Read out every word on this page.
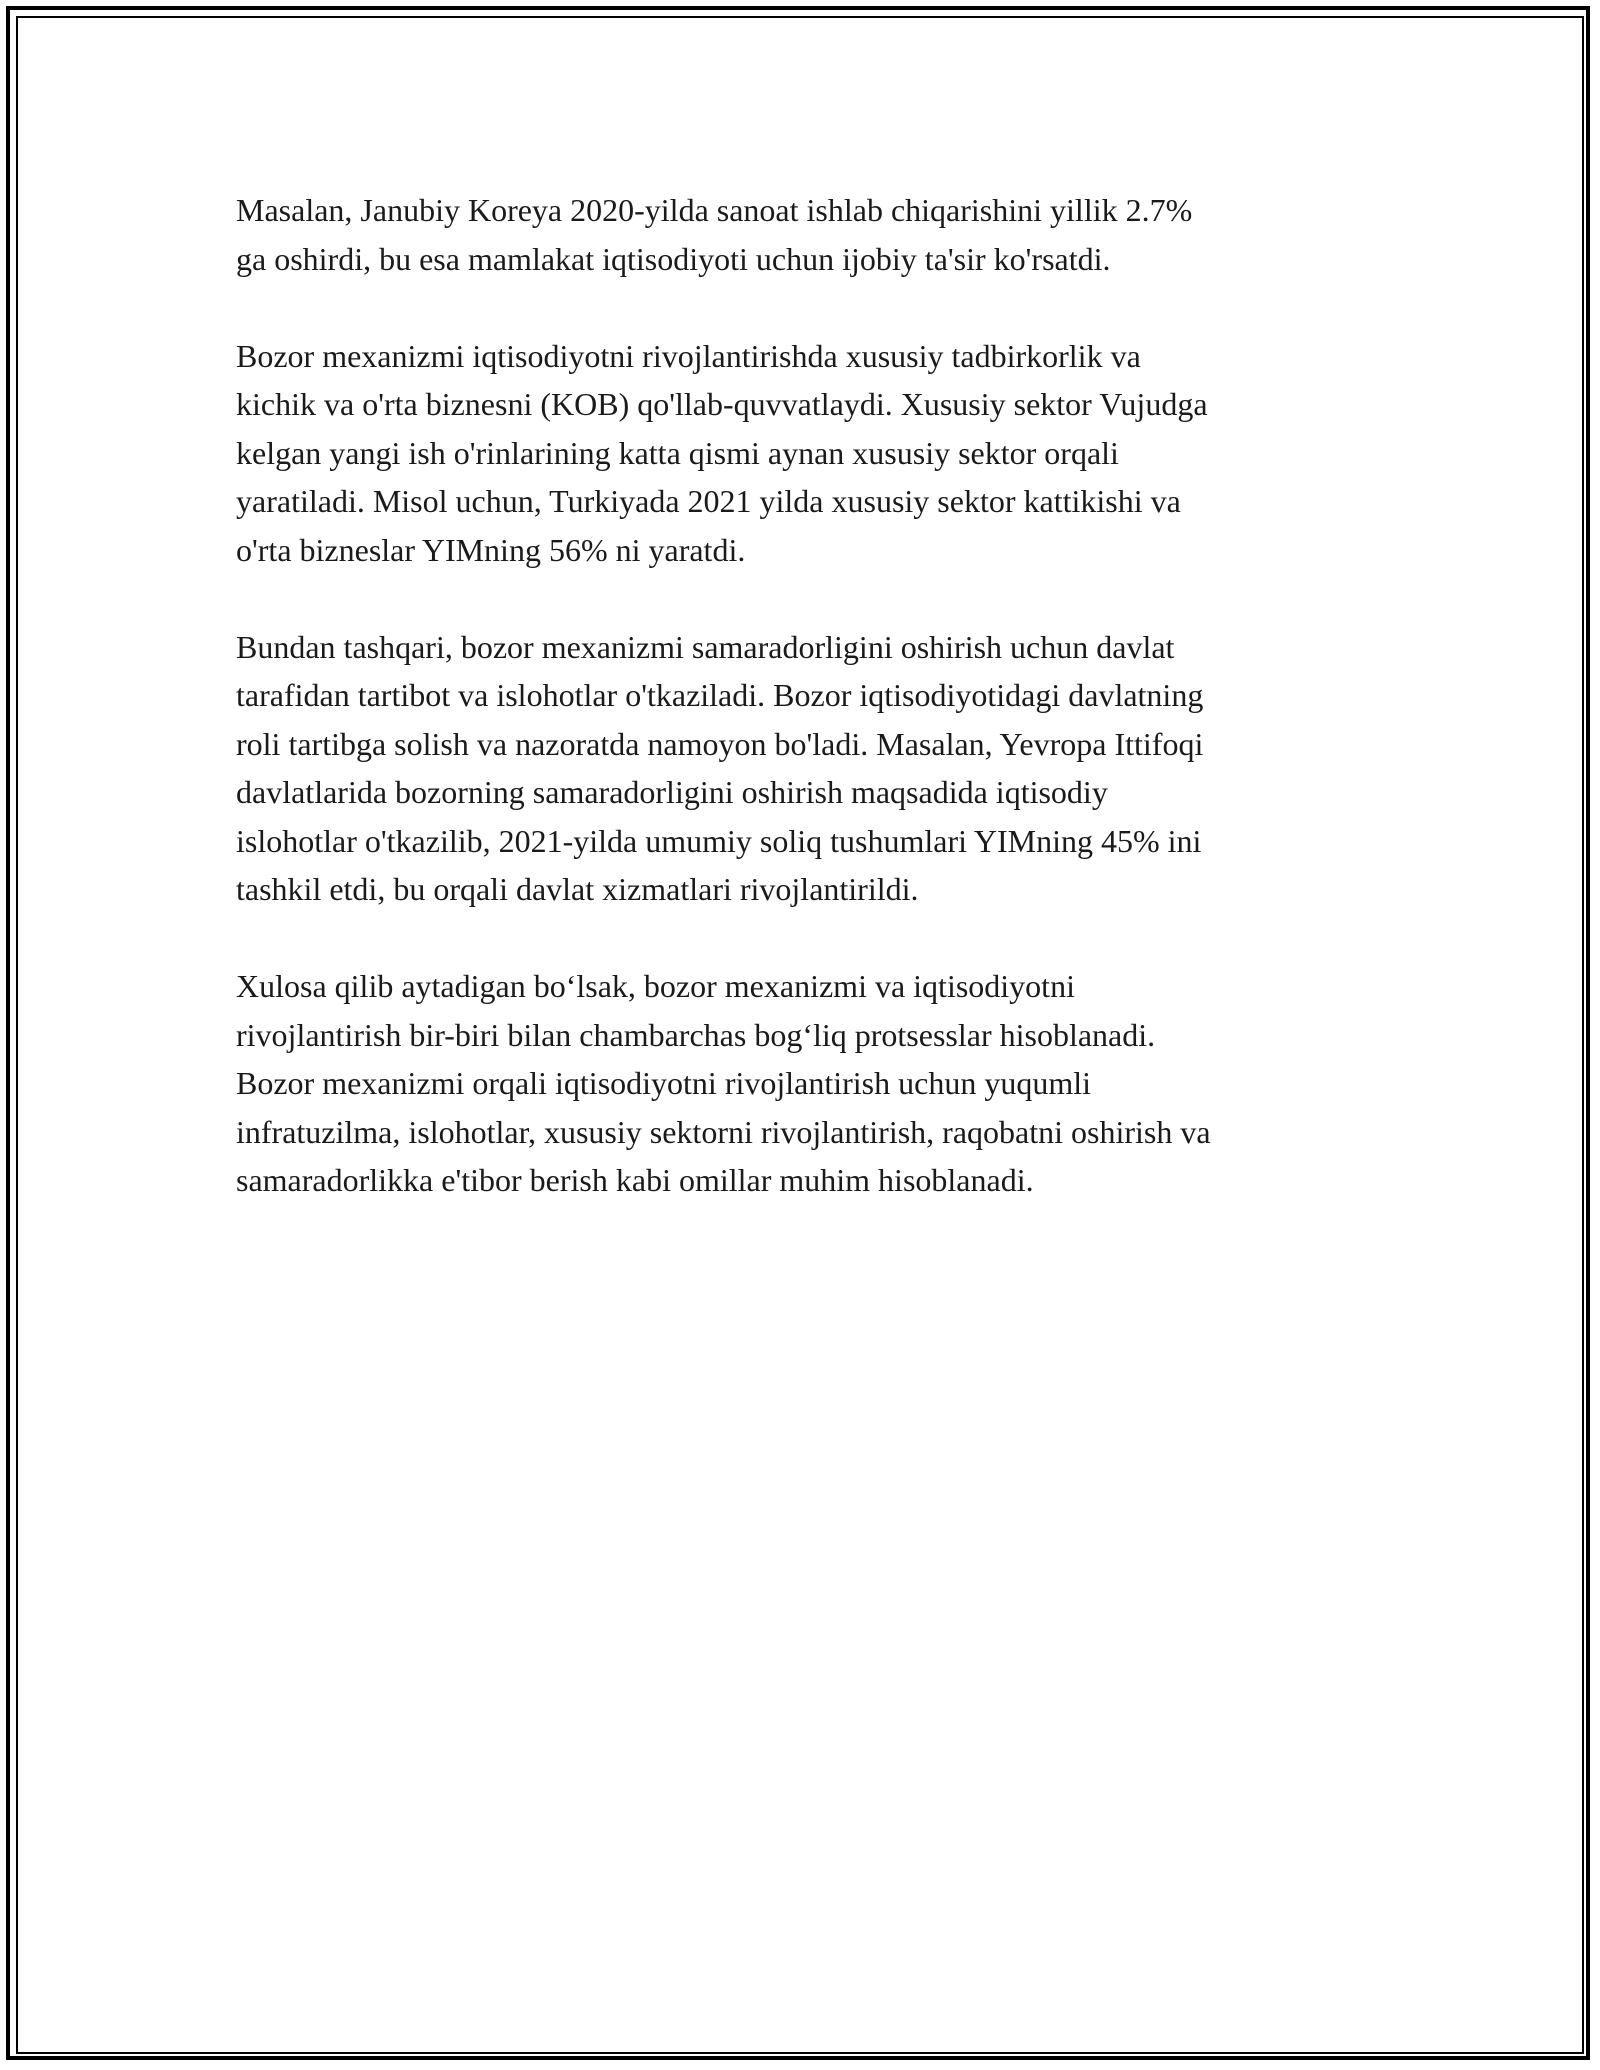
Masalan, Janubiy Koreya 2020-yilda sanoat ishlab chiqarishini yillik 2.7%
ga oshirdi, bu esa mamlakat iqtisodiyoti uchun ijobiy ta'sir ko'rsatdi.

Bozor mexanizmi iqtisodiyotni rivojlantirishda xususiy tadbirkorlik va
kichik va o'rta biznesni (KOB) qo'llab-quvvatlaydi. Xususiy sektor Vujudga
kelgan yangi ish o'rinlarining katta qismi aynan xususiy sektor orqali
yaratiladi. Misol uchun, Turkiyada 2021 yilda xususiy sektor kattikishi va
o'rta bizneslar YIMning 56% ni yaratdi.

Bundan tashqari, bozor mexanizmi samaradorligini oshirish uchun davlat
tarafidan tartibot va islohotlar o'tkaziladi. Bozor iqtisodiyotidagi davlatning
roli tartibga solish va nazoratda namoyon bo'ladi. Masalan, Yevropa Ittifoqi
davlatlarida bozorning samaradorligini oshirish maqsadida iqtisodiy
islohotlar o'tkazilib, 2021-yilda umumiy soliq tushumlari YIMning 45% ini
tashkil etdi, bu orqali davlat xizmatlari rivojlantirildi.

Xulosa qilib aytadigan bo‘lsak, bozor mexanizmi va iqtisodiyotni
rivojlantirish bir-biri bilan chambarchas bog‘liq protsesslar hisoblanadi.
Bozor mexanizmi orqali iqtisodiyotni rivojlantirish uchun yuqumli
infratuzilma, islohotlar, xususiy sektorni rivojlantirish, raqobatni oshirish va
samaradorlikka e'tibor berish kabi omillar muhim hisoblanadi.
